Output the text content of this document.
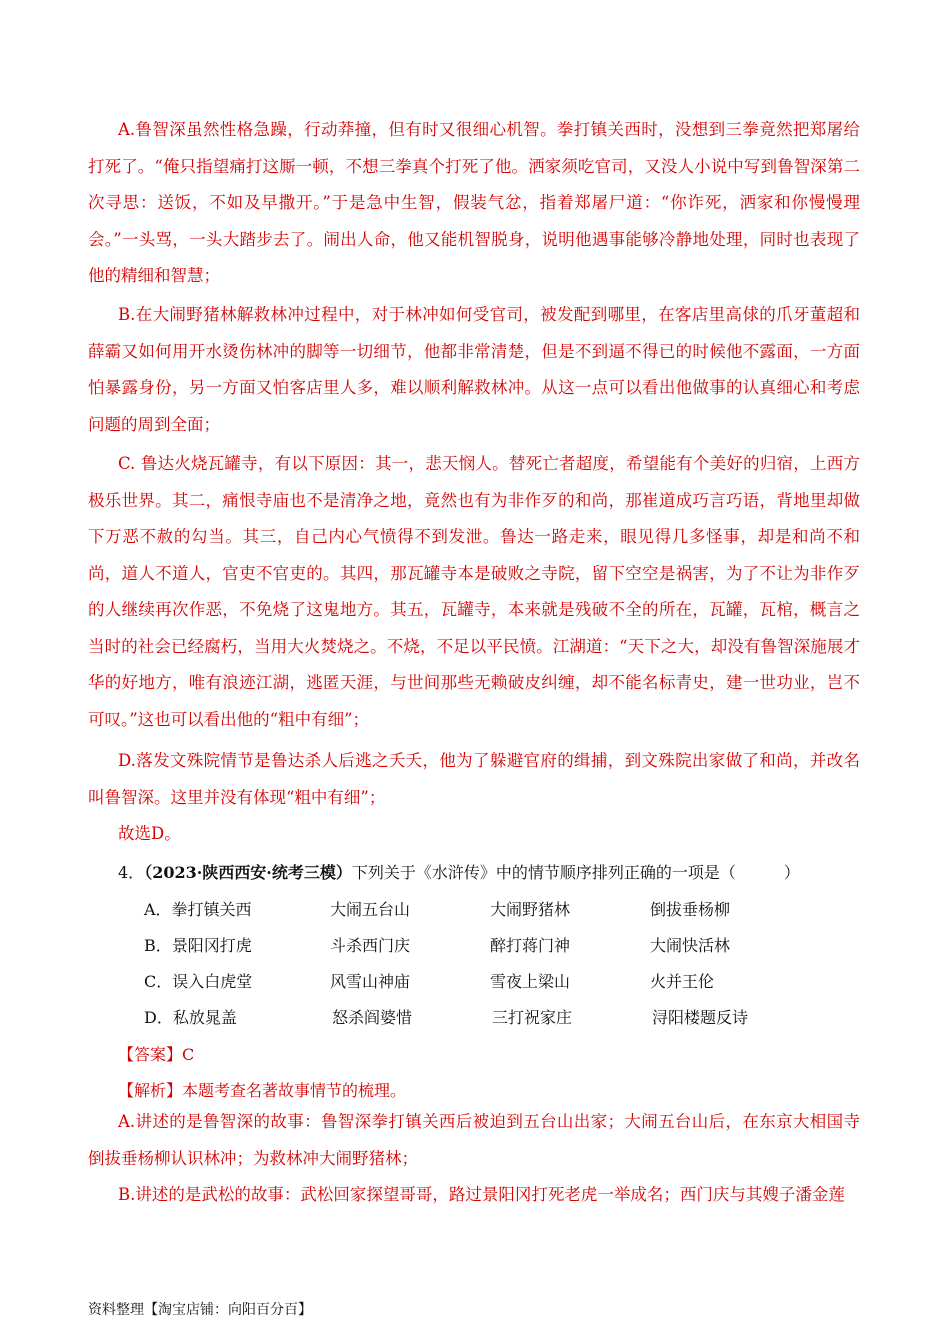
A.鲁智深虽然性格急躁，行动莽撞，但有时又很细心机智。拳打镇关西时，没想到三拳竟然把郑屠给打死了。“俺只指望痛打这厮一顿，不想三拳真个打死了他。洒家须吃官司，又没人小说中写到鲁智深第二次寻思：送饭，不如及早撒开。”于是急中生智，假装气忿，指着郑屠尸道：“你诈死，洒家和你慢慢理会。”一头骂，一头大踏步去了。闹出人命，他又能机智脱身，说明他遇事能够冷静地处理，同时也表现了他的精细和智慧；

B.在大闹野猪林解救林冲过程中，对于林冲如何受官司，被发配到哪里，在客店里高俅的爪牙董超和薛霸又如何用开水烫伤林冲的脚等一切细节，他都非常清楚，但是不到逼不得已的时候他不露面，一方面怕暴露身份，另一方面又怕客店里人多，难以顺利解救林冲。从这一点可以看出他做事的认真细心和考虑问题的周到全面；

C. 鲁达火烧瓦罐寺，有以下原因：其一，悲天悯人。替死亡者超度，希望能有个美好的归宿，上西方极乐世界。其二，痛恨寺庙也不是清净之地，竟然也有为非作歹的和尚，那崔道成巧言巧语，背地里却做下万恶不赦的勾当。其三，自己内心气愤得不到发泄。鲁达一路走来，眼见得几多怪事，却是和尚不和尚，道人不道人，官吏不官吏的。其四，那瓦罐寺本是破败之寺院，留下空空是祸害，为了不让为非作歹的人继续再次作恶，不免烧了这鬼地方。其五，瓦罐寺，本来就是残破不全的所在，瓦罐，瓦棺，概言之当时的社会已经腐朽，当用大火焚烧之。不烧，不足以平民愤。江湖道：“天下之大，却没有鲁智深施展才华的好地方，唯有浪迹江湖，逃匿天涯，与世间那些无赖破皮纠缠，却不能名标青史，建一世功业，岂不可叹。”这也可以看出他的“粗中有细”；

D.落发文殊院情节是鲁达杀人后逃之夭夭，他为了躲避官府的缉捕，到文殊院出家做了和尚，并改名叫鲁智深。这里并没有体现“粗中有细”；

故选D。

4．（2023·陕西西安·统考三模）下列关于《水浒传》中的情节顺序排列正确的一项是（　　　）

A．拳打镇关西	大闹五台山	大闹野猪林	倒拔垂杨柳
B．景阳冈打虎	斗杀西门庆	醉打蒋门神	大闹快活林
C．误入白虎堂	风雪山神庙	雪夜上梁山	火并王伦
D．私放晁盖	怒杀阎婆惜	三打祝家庄	浔阳楼题反诗
【答案】C
【解析】本题考查名著故事情节的梳理。

A.讲述的是鲁智深的故事：鲁智深拳打镇关西后被迫到五台山出家；大闹五台山后，在东京大相国寺倒拔垂杨柳认识林冲；为救林冲大闹野猪林；

B.讲述的是武松的故事：武松回家探望哥哥，路过景阳冈打死老虎一举成名；西门庆与其嫂子潘金莲

资料整理【淘宝店铺：向阳百分百】
